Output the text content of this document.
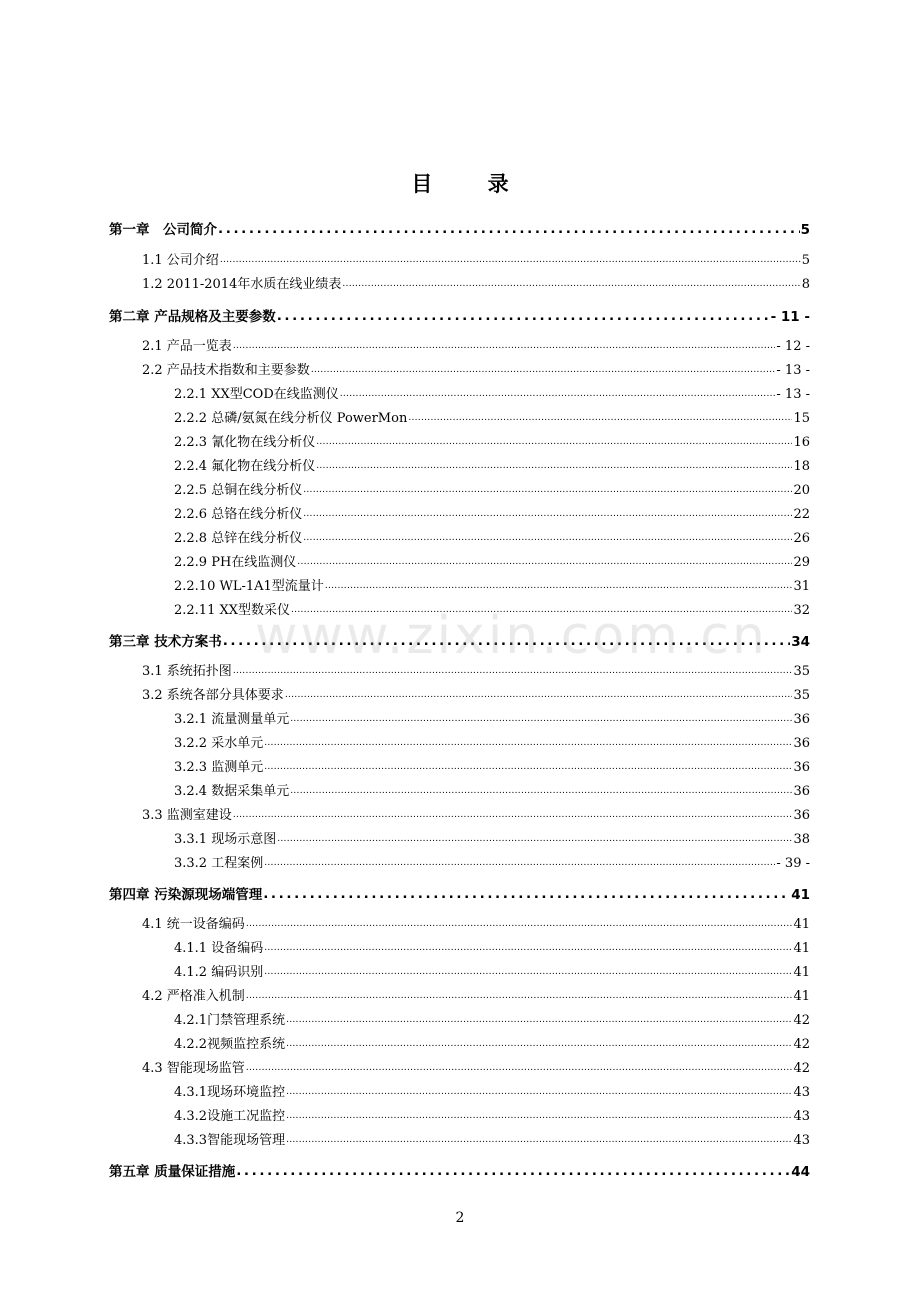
目 录
第一章　公司简介 .....	5
1.1 公司介绍 .....	5
1.2 2011-2014年水质在线业绩表 .....	8
第二章 产品规格及主要参数 .....	- 11 -
2.1 产品一览表 .....	- 12 -
2.2 产品技术指数和主要参数 .....	- 13 -
2.2.1 XX型COD在线监测仪 .....	- 13 -
2.2.2 总磷/氨氮在线分析仪 PowerMon .....	15
2.2.3 氰化物在线分析仪 .....	16
2.2.4 氟化物在线分析仪 .....	18
2.2.5 总铜在线分析仪 .....	20
2.2.6 总铬在线分析仪 .....	22
2.2.8 总锌在线分析仪 .....	26
2.2.9 PH在线监测仪 .....	29
2.2.10 WL-1A1型流量计 .....	31
2.2.11 XX型数采仪 .....	32
第三章 技术方案书 .....	34
3.1 系统拓扑图 .....	35
3.2 系统各部分具体要求 .....	35
3.2.1 流量测量单元 .....	36
3.2.2 采水单元 .....	36
3.2.3 监测单元 .....	36
3.2.4 数据采集单元 .....	36
3.3 监测室建设 .....	36
3.3.1 现场示意图 .....	38
3.3.2 工程案例 .....	- 39 -
第四章 污染源现场端管理 .....	41
4.1 统一设备编码 .....	41
4.1.1 设备编码 .....	41
4.1.2 编码识别 .....	41
4.2 严格准入机制 .....	41
4.2.1门禁管理系统 .....	42
4.2.2视频监控系统 .....	42
4.3 智能现场监管 .....	42
4.3.1现场环境监控 .....	43
4.3.2设施工况监控 .....	43
4.3.3智能现场管理 .....	43
第五章 质量保证措施 .....	44
www.zixin.com.cn
2
